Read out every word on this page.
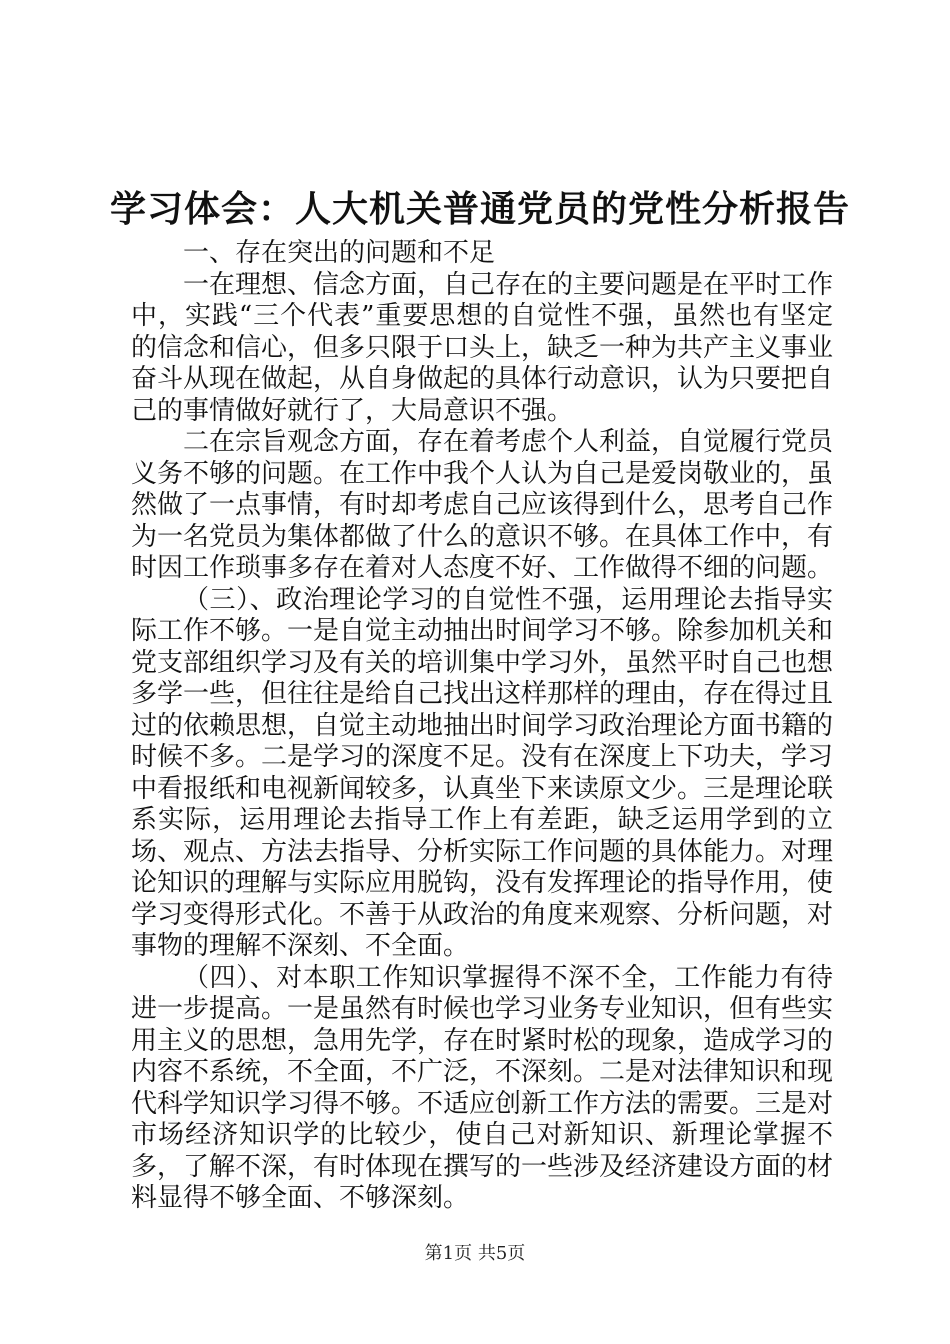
学习体会：人大机关普通党员的党性分析报告

一、存在突出的问题和不足

一在理想、信念方面，自己存在的主要问题是在平时工作中，实践“三个代表”重要思想的自觉性不强，虽然也有坚定的信念和信心，但多只限于口头上，缺乏一种为共产主义事业奋斗从现在做起，从自身做起的具体行动意识，认为只要把自己的事情做好就行了，大局意识不强。

二在宗旨观念方面，存在着考虑个人利益，自觉履行党员义务不够的问题。在工作中我个人认为自己是爱岗敬业的，虽然做了一点事情，有时却考虑自己应该得到什么，思考自己作为一名党员为集体都做了什么的意识不够。在具体工作中，有时因工作琐事多存在着对人态度不好、工作做得不细的问题。

（三）、政治理论学习的自觉性不强，运用理论去指导实际工作不够。一是自觉主动抽出时间学习不够。除参加机关和党支部组织学习及有关的培训集中学习外，虽然平时自己也想多学一些，但往往是给自己找出这样那样的理由，存在得过且过的依赖思想，自觉主动地抽出时间学习政治理论方面书籍的时候不多。二是学习的深度不足。没有在深度上下功夫，学习中看报纸和电视新闻较多，认真坐下来读原文少。三是理论联系实际，运用理论去指导工作上有差距，缺乏运用学到的立场、观点、方法去指导、分析实际工作问题的具体能力。对理论知识的理解与实际应用脱钩，没有发挥理论的指导作用，使学习变得形式化。不善于从政治的角度来观察、分析问题，对事物的理解不深刻、不全面。

（四）、对本职工作知识掌握得不深不全，工作能力有待进一步提高。一是虽然有时候也学习业务专业知识，但有些实用主义的思想，急用先学，存在时紧时松的现象，造成学习的内容不系统，不全面，不广泛，不深刻。二是对法律知识和现代科学知识学习得不够。不适应创新工作方法的需要。三是对市场经济知识学的比较少，使自己对新知识、新理论掌握不多，了解不深，有时体现在撰写的一些涉及经济建设方面的材料显得不够全面、不够深刻。

第1页 共5页
